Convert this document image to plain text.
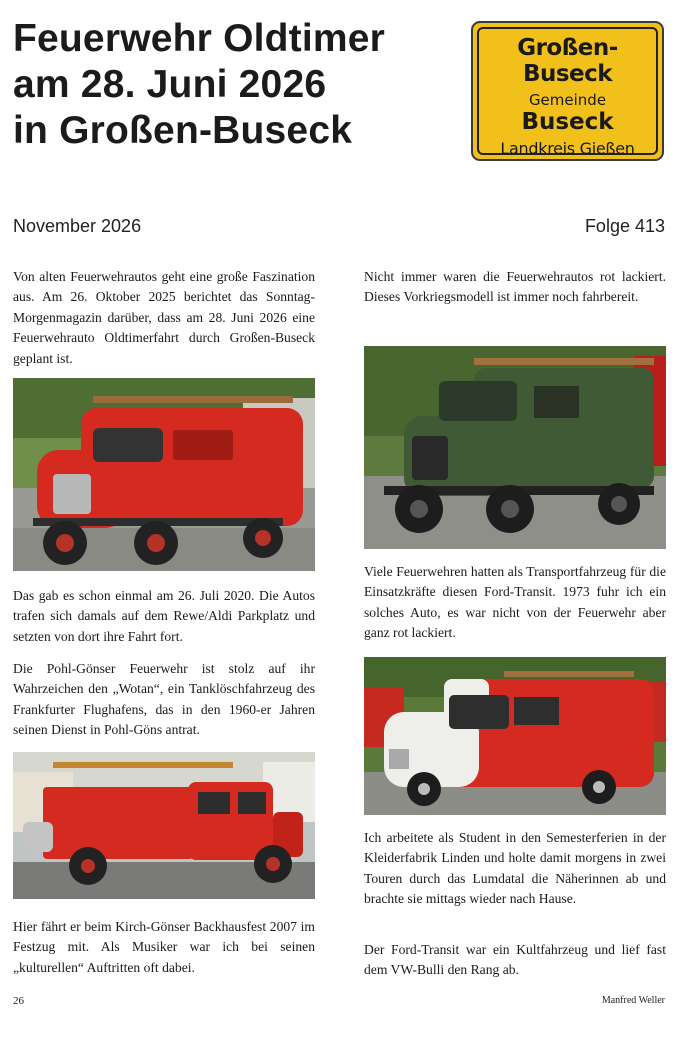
Feuerwehr Oldtimer
am 28. Juni 2026
in Großen-Buseck
Großen-Buseck
Gemeinde
Buseck
Landkreis Gießen
November 2026	Folge 413

Von alten Feuerwehrautos geht eine große Faszination aus. Am 26. Oktober 2025 berichtet das Sonntag-Morgenmagazin darüber, dass am 28. Juni 2026 eine Feuerwehrauto Oldtimerfahrt durch Großen-Buseck geplant ist.

Das gab es schon einmal am 26. Juli 2020. Die Autos trafen sich damals auf dem Rewe/Aldi Parkplatz und setzten von dort ihre Fahrt fort.

Die Pohl-Gönser Feuerwehr ist stolz auf ihr Wahrzeichen den „Wotan“, ein Tanklöschfahrzeug des Frankfurter Flughafens, das in den 1960-er Jahren seinen Dienst in Pohl-Göns antrat.

Hier fährt er beim Kirch-Gönser Backhausfest 2007 im Festzug mit. Als Musiker war ich bei seinen „kulturellen“ Auftritten oft dabei.

Nicht immer waren die Feuerwehrautos rot lackiert. Dieses Vorkriegsmodell ist immer noch fahrbereit.

Viele Feuerwehren hatten als Transportfahrzeug für die Einsatzkräfte diesen Ford-Transit. 1973 fuhr ich ein solches Auto, es war nicht von der Feuerwehr aber ganz rot lackiert.

Ich arbeitete als Student in den Semesterferien in der Kleiderfabrik Linden und holte damit morgens in zwei Touren durch das Lumdatal die Näherinnen ab und brachte sie mittags wieder nach Hause.

Der Ford-Transit war ein Kultfahrzeug und lief fast dem VW-Bulli den Rang ab.

26	Manfred Weller
